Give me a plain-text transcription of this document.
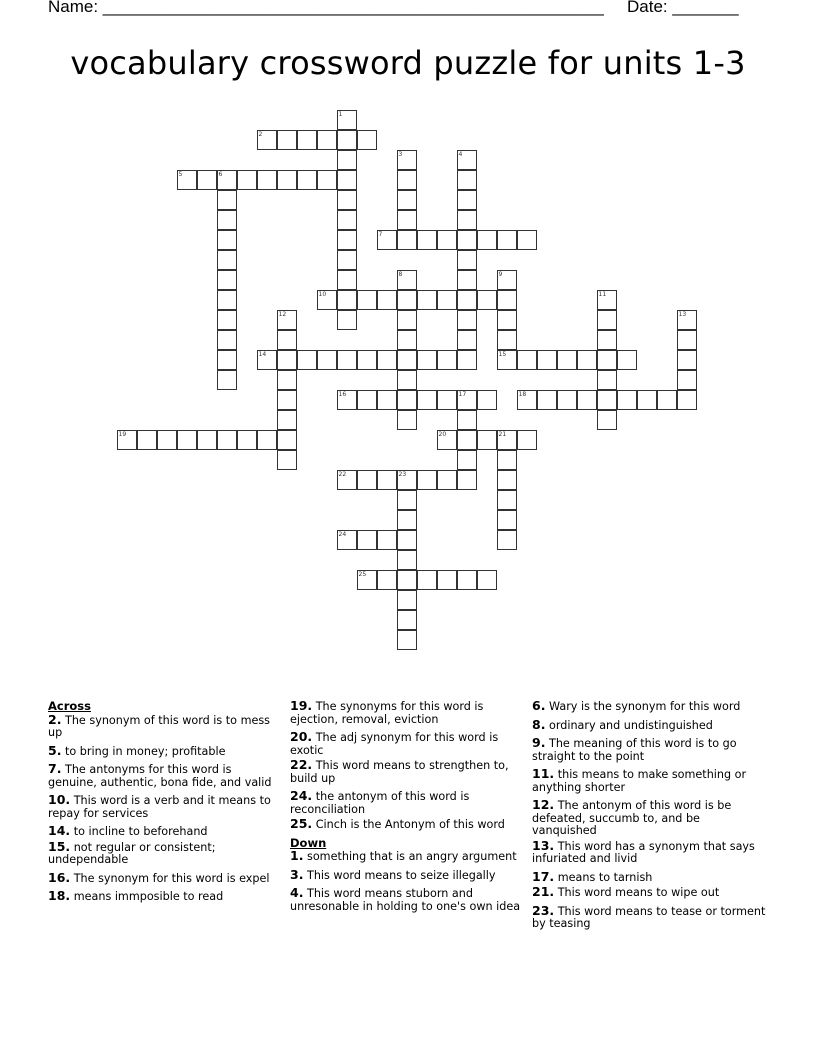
Name: _____________________________________________________ Date: _______
vocabulary crossword puzzle for units 1-3
1
2
3	4
5	6
7
8	9
15
10	11
12	13
14
16	17	18
19	20	21
22	23
24
25
Across
2. The synonym of this word is to mess up
5. to bring in money; profitable
7. The antonyms for this word is genuine, authentic, bona fide, and valid
10. This word is a verb and it means to repay for services
14. to incline to beforehand
15. not regular or consistent; undependable
16. The synonym for this word is expel
18. means immposible to read
19. The synonyms for this word is ejection, removal, eviction
20. The adj synonym for this word is exotic
22. This word means to strengthen to, build up
24. the antonym of this word is reconciliation
25. Cinch is the Antonym of this word
Down
1. something that is an angry argument
3. This word means to seize illegally
4. This word means stuborn and unresonable in holding to one's own idea
6. Wary is the synonym for this word
8. ordinary and undistinguished
9. The meaning of this word is to go straight to the point
11. this means to make something or anything shorter
12. The antonym of this word is be defeated, succumb to, and be vanquished
13. This word has a synonym that says infuriated and livid
17. means to tarnish
21. This word means to wipe out
23. This word means to tease or torment by teasing
